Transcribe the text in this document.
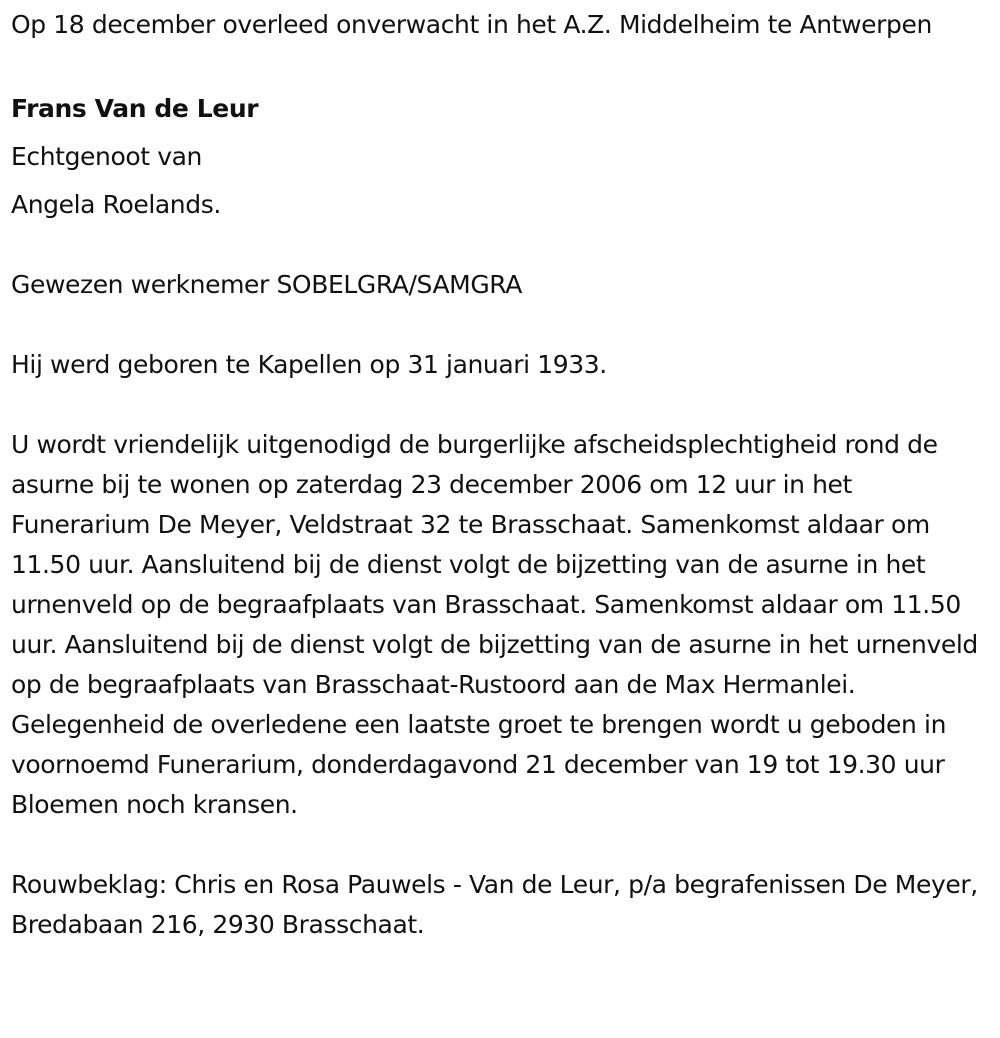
Op 18 december overleed onverwacht in het A.Z. Middelheim te Antwerpen

Frans Van de Leur

Echtgenoot van

Angela Roelands.

Gewezen werknemer SOBELGRA/SAMGRA

Hij werd geboren te Kapellen op 31 januari 1933.

U wordt vriendelijk uitgenodigd de burgerlijke afscheidsplechtigheid rond de asurne bij te wonen op zaterdag 23 december 2006 om 12 uur in het Funerarium De Meyer, Veldstraat 32 te Brasschaat. Samenkomst aldaar om 11.50 uur. Aansluitend bij de dienst volgt de bijzetting van de asurne in het urnenveld op de begraafplaats van Brasschaat. Samenkomst aldaar om 11.50 uur. Aansluitend bij de dienst volgt de bijzetting van de asurne in het urnenveld op de begraafplaats van Brasschaat-Rustoord aan de Max Hermanlei. Gelegenheid de overledene een laatste groet te brengen wordt u geboden in voornoemd Funerarium, donderdagavond 21 december van 19 tot 19.30 uur Bloemen noch kransen.

Rouwbeklag: Chris en Rosa Pauwels - Van de Leur, p/a begrafenissen De Meyer, Bredabaan 216, 2930 Brasschaat.
